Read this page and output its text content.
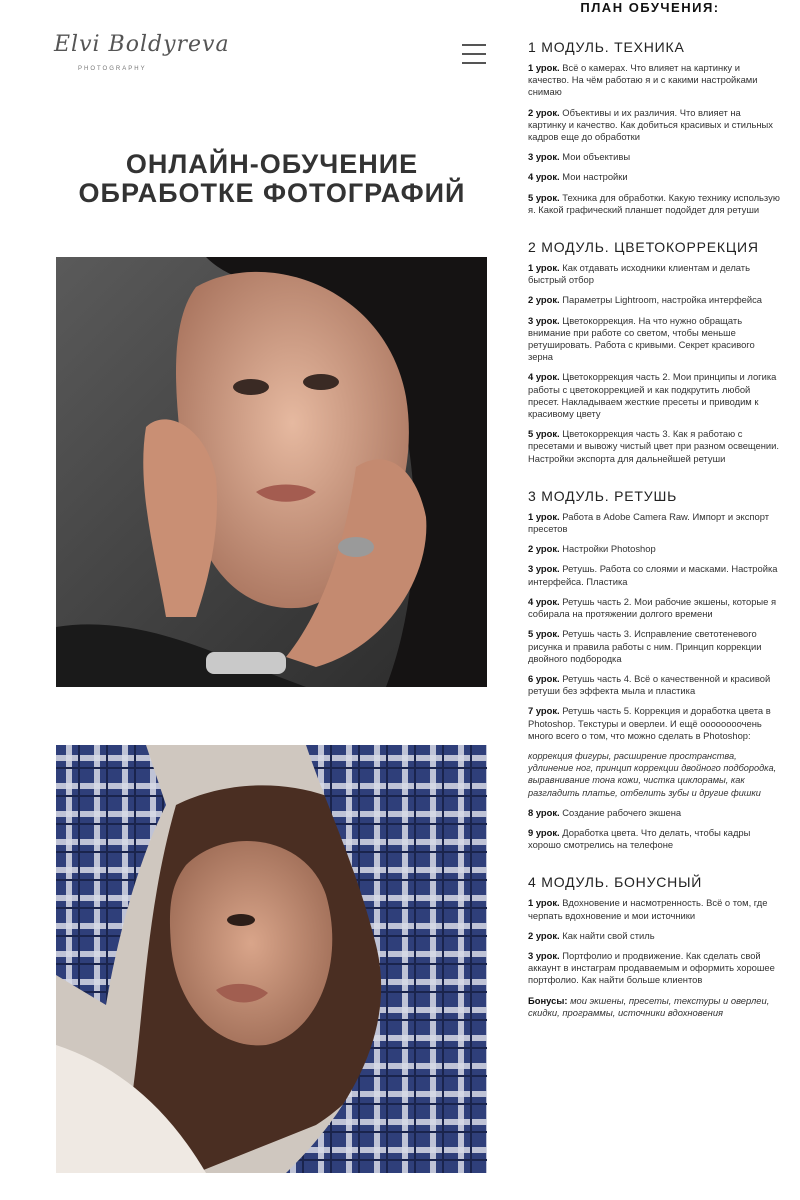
Elvi Boldyreva
PHOTOGRAPHY
ОНЛАЙН-ОБУЧЕНИЕ
ОБРАБОТКЕ ФОТОГРАФИЙ
ПЛАН ОБУЧЕНИЯ:
1 МОДУЛЬ. ТЕХНИКА

1 урок. Всё о камерах. Что влияет на картинку и качество. На чём работаю я и с какими настройками снимаю

2 урок. Объективы и их различия. Что влияет на картинку и качество. Как добиться красивых и стильных кадров еще до обработки

3 урок. Мои объективы

4 урок. Мои настройки

5 урок. Техника для обработки. Какую технику использую я. Какой графический планшет подойдет для ретуши

2 МОДУЛЬ. ЦВЕТОКОРРЕКЦИЯ

1 урок. Как отдавать исходники клиентам и делать быстрый отбор

2 урок. Параметры Lightroom, настройка интерфейса

3 урок. Цветокоррекция. На что нужно обращать внимание при работе со светом, чтобы меньше ретушировать. Работа с кривыми. Секрет красивого зерна

4 урок. Цветокоррекция часть 2. Мои принципы и логика работы с цветокоррекцией и как подкрутить любой пресет. Накладываем жесткие пресеты и приводим к красивому цвету

5 урок. Цветокоррекция часть 3. Как я работаю с пресетами и вывожу чистый цвет при разном освещении. Настройки экспорта для дальнейшей ретуши

3 МОДУЛЬ. РЕТУШЬ

1 урок. Работа в Adobe Camera Raw. Импорт и экспорт пресетов

2 урок. Настройки Photoshop

3 урок. Ретушь. Работа со слоями и масками. Настройка интерфейса. Пластика

4 урок. Ретушь часть 2. Мои рабочие экшены, которые я собирала на протяжении долгого времени

5 урок. Ретушь часть 3. Исправление светотеневого рисунка и правила работы с ним. Принцип коррекции двойного подбородка

6 урок. Ретушь часть 4. Всё о качественной и красивой ретуши без эффекта мыла и пластика

7 урок. Ретушь часть 5. Коррекция и доработка цвета в Photoshop. Текстуры и оверлеи. И ещё оооооооочень много всего о том, что можно сделать в Photoshop:

коррекция фигуры, расширение пространства, удлинение ног, принцип коррекции двойного подбородка, выравнивание тона кожи, чистка циклорамы, как разгладить платье, отбелить зубы и другие фишки

8 урок. Создание рабочего экшена

9 урок. Доработка цвета. Что делать, чтобы кадры хорошо смотрелись на телефоне

4 МОДУЛЬ. БОНУСНЫЙ

1 урок. Вдохновение и насмотренность. Всё о том, где черпать вдохновение и мои источники

2 урок. Как найти свой стиль

3 урок. Портфолио и продвижение. Как сделать свой аккаунт в инстаграм продаваемым и оформить хорошее портфолио. Как найти больше клиентов

Бонусы: мои экшены, пресеты, текстуры и оверлеи, скидки, программы, источники вдохновения
